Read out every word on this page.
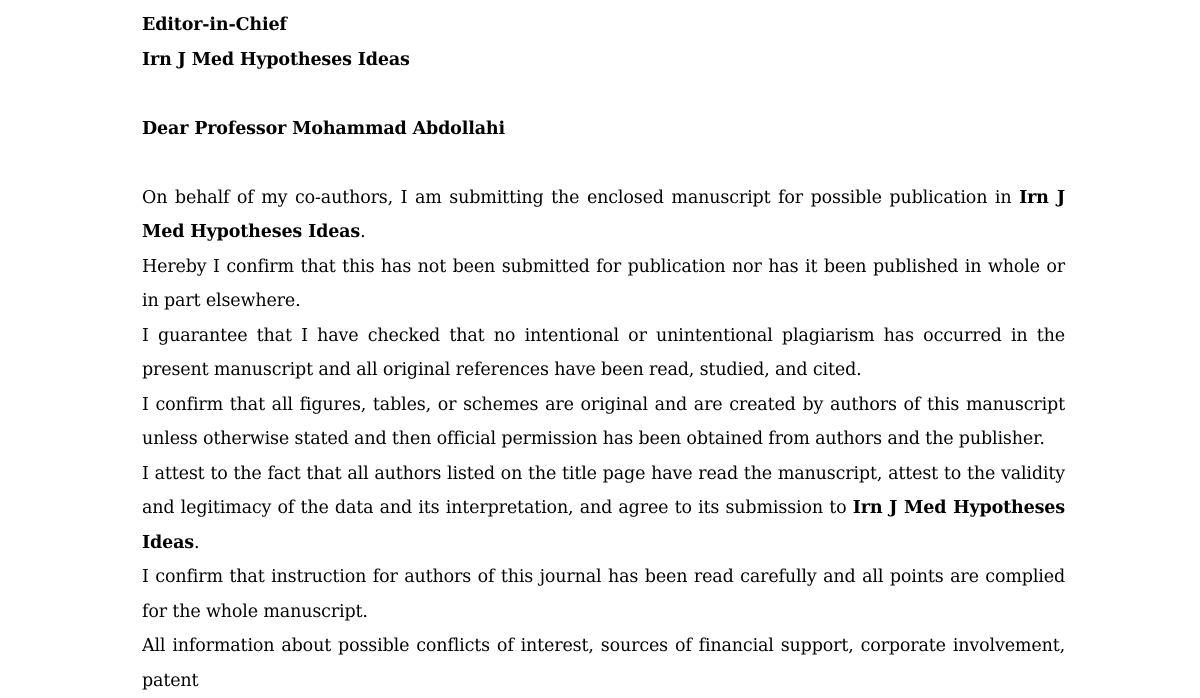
Editor-in-Chief
Irn J Med Hypotheses Ideas
Dear Professor Mohammad Abdollahi

On behalf of my co-authors, I am submitting the enclosed manuscript for possible publication in Irn J Med Hypotheses Ideas.

Hereby I confirm that this has not been submitted for publication nor has it been published in whole or in part elsewhere.

I guarantee that I have checked that no intentional or unintentional plagiarism has occurred in the present manuscript and all original references have been read, studied, and cited.

I confirm that all figures, tables, or schemes are original and are created by authors of this manuscript unless otherwise stated and then official permission has been obtained from authors and the publisher.

I attest to the fact that all authors listed on the title page have read the manuscript, attest to the validity and legitimacy of the data and its interpretation, and agree to its submission to Irn J Med Hypotheses Ideas.

I confirm that instruction for authors of this journal has been read carefully and all points are complied for the whole manuscript.

All information about possible conflicts of interest, sources of financial support, corporate involvement, patent
